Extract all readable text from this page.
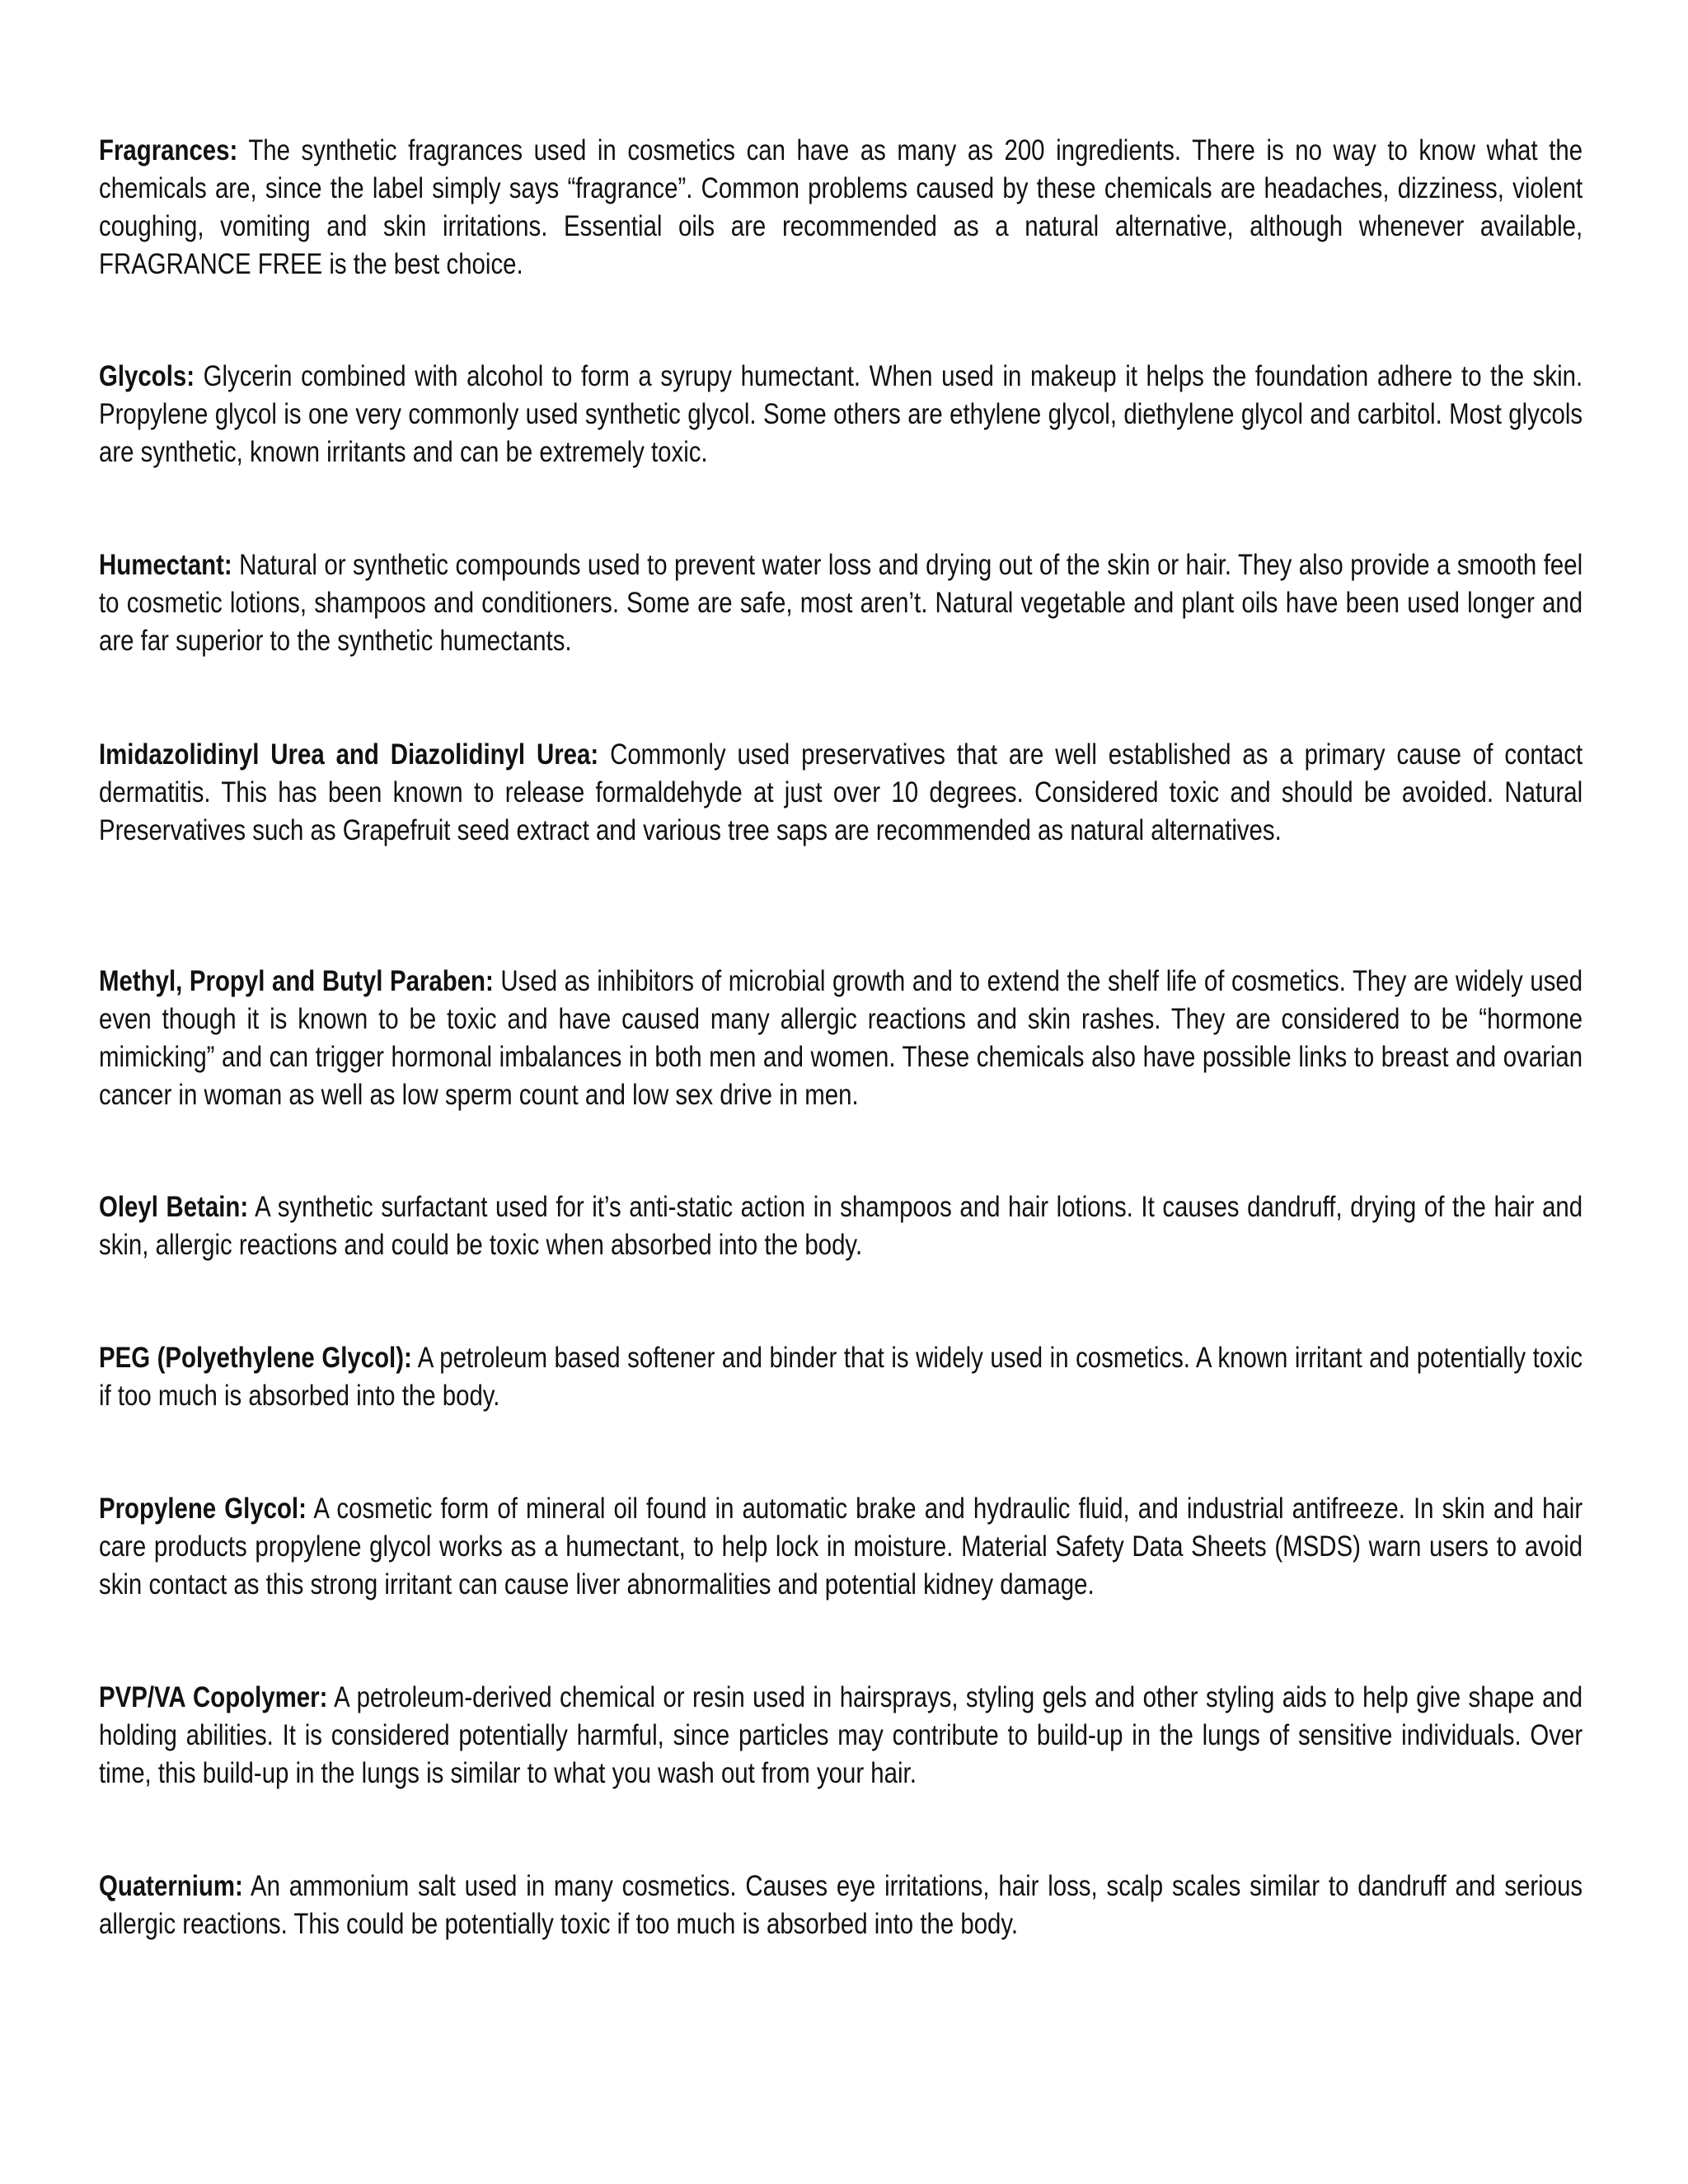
Fragrances: The synthetic fragrances used in cosmetics can have as many as 200 ingredients. There is no way to know what the chemicals are, since the label simply says “fragrance”. Common problems caused by these chemicals are headaches, dizziness, violent coughing, vomiting and skin irritations. Essential oils are recommended as a natural alternative, although whenever available, FRAGRANCE FREE is the best choice.

Glycols: Glycerin combined with alcohol to form a syrupy humectant. When used in makeup it helps the foundation adhere to the skin. Propylene glycol is one very commonly used synthetic glycol. Some others are ethylene glycol, diethylene glycol and carbitol. Most glycols are synthetic, known irritants and can be extremely toxic.

Humectant: Natural or synthetic compounds used to prevent water loss and drying out of the skin or hair. They also provide a smooth feel to cosmetic lotions, shampoos and conditioners. Some are safe, most aren’t. Natural vegetable and plant oils have been used longer and are far superior to the synthetic humectants.

Imidazolidinyl Urea and Diazolidinyl Urea: Commonly used preservatives that are well established as a primary cause of contact dermatitis. This has been known to release formaldehyde at just over 10 degrees. Considered toxic and should be avoided. Natural Preservatives such as Grapefruit seed extract and various tree saps are recommended as natural alternatives.

Methyl, Propyl and Butyl Paraben: Used as inhibitors of microbial growth and to extend the shelf life of cosmetics. They are widely used even though it is known to be toxic and have caused many allergic reactions and skin rashes. They are considered to be “hormone mimicking” and can trigger hormonal imbalances in both men and women. These chemicals also have possible links to breast and ovarian cancer in woman as well as low sperm count and low sex drive in men.

Oleyl Betain: A synthetic surfactant used for it’s anti-static action in shampoos and hair lotions. It causes dandruff, drying of the hair and skin, allergic reactions and could be toxic when absorbed into the body.

PEG (Polyethylene Glycol): A petroleum based softener and binder that is widely used in cosmetics. A known irritant and potentially toxic if too much is absorbed into the body.

Propylene Glycol: A cosmetic form of mineral oil found in automatic brake and hydraulic fluid, and industrial antifreeze. In skin and hair care products propylene glycol works as a humectant, to help lock in moisture. Material Safety Data Sheets (MSDS) warn users to avoid skin contact as this strong irritant can cause liver abnormalities and potential kidney damage.

PVP/VA Copolymer: A petroleum-derived chemical or resin used in hairsprays, styling gels and other styling aids to help give shape and holding abilities. It is considered potentially harmful, since particles may contribute to build-up in the lungs of sensitive individuals. Over time, this build-up in the lungs is similar to what you wash out from your hair.

Quaternium: An ammonium salt used in many cosmetics. Causes eye irritations, hair loss, scalp scales similar to dandruff and serious allergic reactions. This could be potentially toxic if too much is absorbed into the body.
